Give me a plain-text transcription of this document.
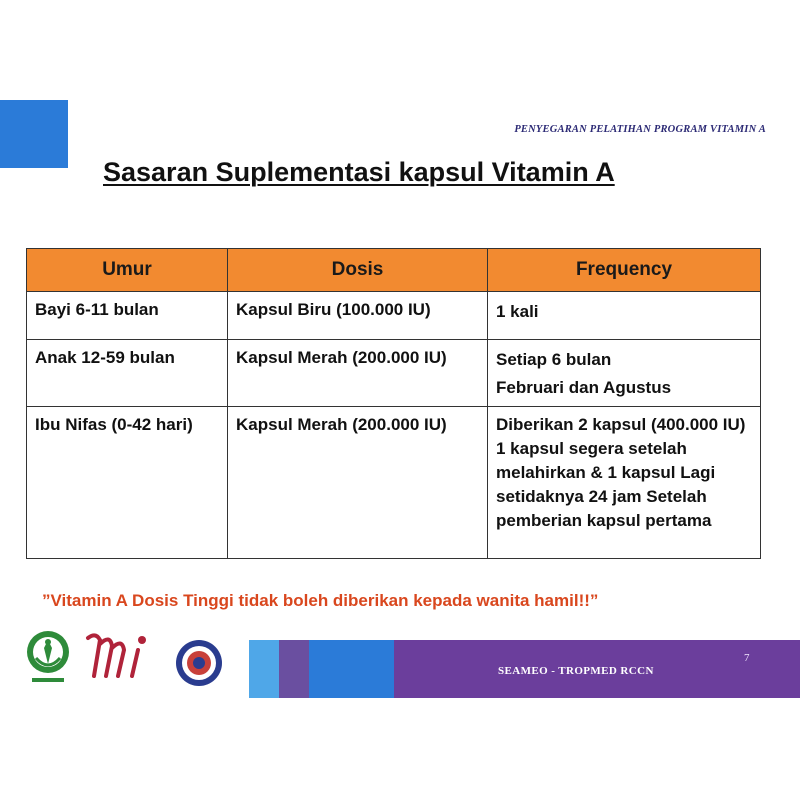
PENYEGARAN PELATIHAN PROGRAM VITAMIN A
Sasaran Suplementasi kapsul Vitamin A
Umur	Dosis	Frequency
Bayi 6-11 bulan	Kapsul Biru (100.000 IU)	1 kali

Anak 12-59 bulan	Kapsul Merah (200.000 IU)	Setiap 6 bulan
Februari dan Agustus

Ibu Nifas (0-42 hari)	Kapsul Merah (200.000 IU)	Diberikan 2 kapsul (400.000 IU) 1 kapsul segera setelah melahirkan & 1 kapsul Lagi setidaknya 24 jam Setelah pemberian kapsul pertama
”Vitamin A Dosis Tinggi tidak boleh diberikan kepada wanita hamil!!”
SEAMEO - TROPMED RCCN
7
